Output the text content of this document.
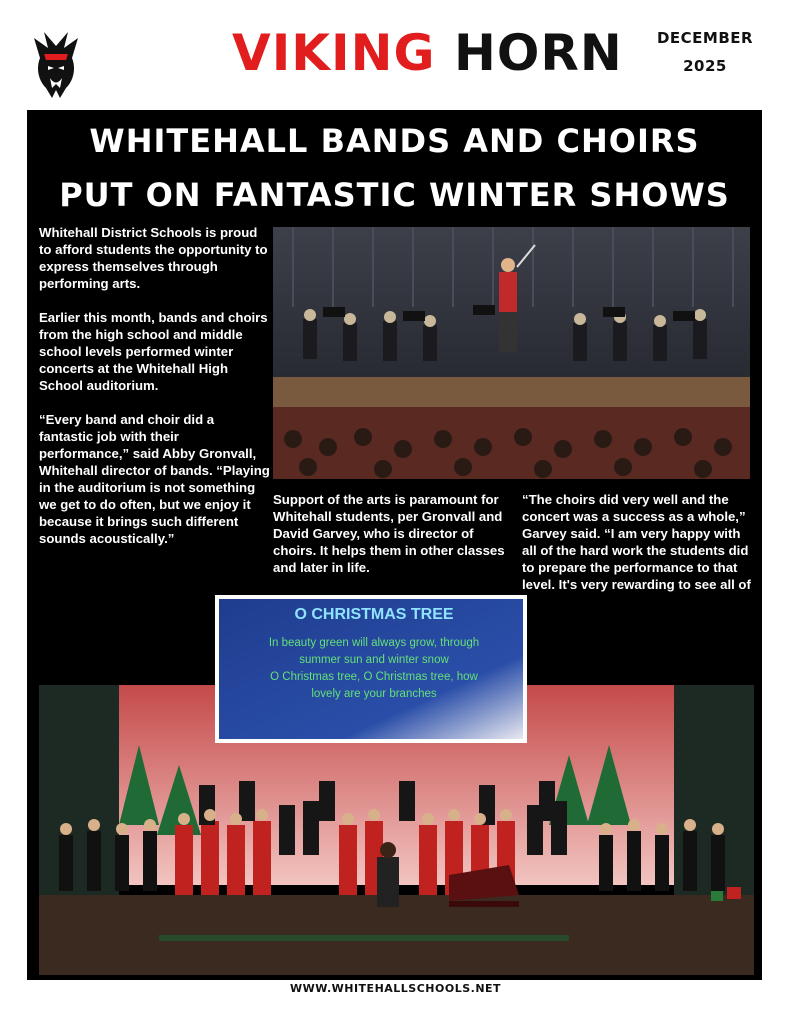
VIKING HORN	DECEMBER
2025
WHITEHALL BANDS AND CHOIRS
PUT ON FANTASTIC WINTER SHOWS

Whitehall District Schools is proud to afford students the opportunity to express themselves through performing arts.

Earlier this month, bands and choirs from the high school and middle school levels performed winter concerts at the Whitehall High School auditorium.

“Every band and choir did a fantastic job with their performance,” said Abby Gronvall, Whitehall director of bands. “Playing in the auditorium is not something we get to do often, but we enjoy it because it brings such different sounds acoustically.”

Support of the arts is paramount for Whitehall students, per Gronvall and David Garvey, who is director of choirs. It helps them in other classes and later in life.

“The choirs did very well and the concert was a success as a whole,” Garvey said. “I am very happy with all of the hard work the students did to prepare the performance to that level. It's very rewarding to see all of

O CHRISTMAS TREE
In beauty green will always grow, through
summer sun and winter snow
O Christmas tree, O Christmas tree, how
lovely are your branches
WWW.WHITEHALLSCHOOLS.NET
